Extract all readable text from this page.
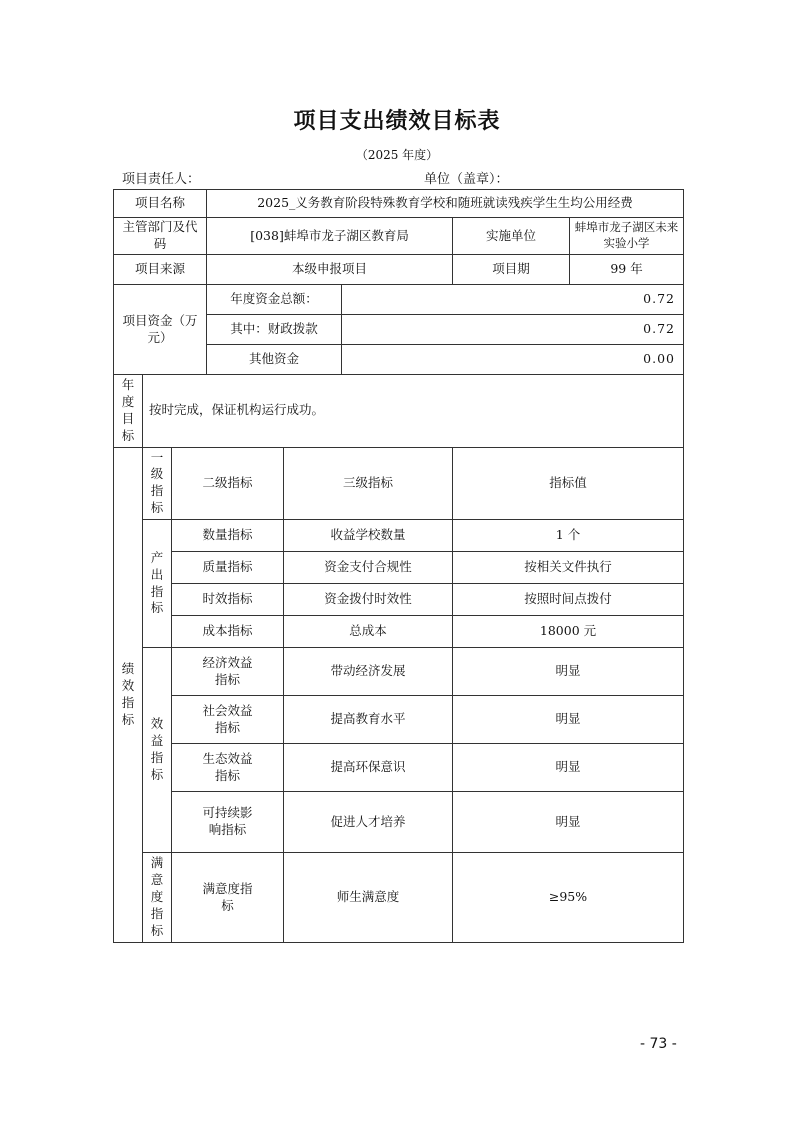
项目支出绩效目标表
（2025 年度）
项目责任人：	单位（盖章）：
项目名称			2025_义务教育阶段特殊教育学校和随班就读残疾学生生均公用经费				
主管部门及代码			[038]蚌埠市龙子湖区教育局			实施单位	蚌埠市龙子湖区未来实验小学
项目来源			本级申报项目			项目期	99 年
项目资金（万元）			年度资金总额：		0.72		
			其中：财政拨款		0.72		
			其他资金		0.00		
年度目标	按时完成，保证机构运行成功。						
绩效指标	一级指标	二级指标		三级指标		指标值	
	产出指标	数量指标		收益学校数量		1 个	
		质量指标		资金支付合规性		按相关文件执行	
		时效指标		资金拨付时效性		按照时间点拨付	
		成本指标		总成本		18000 元	
	效益指标	经济效益指标		带动经济发展		明显	
		社会效益指标		提高教育水平		明显	
		生态效益指标		提高环保意识		明显	
		可持续影响指标		促进人才培养		明显	
	满意度指标	满意度指标		师生满意度		≥95%	
- 73 -
